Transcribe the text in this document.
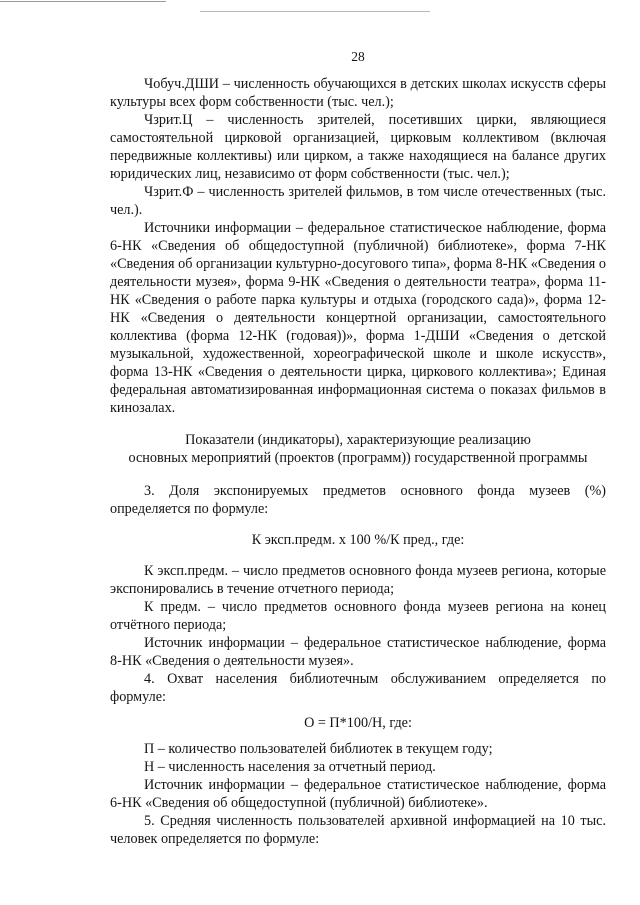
28

Чобуч.ДШИ – численность обучающихся в детских школах искусств сферы культуры всех форм собственности (тыс. чел.);

Чзрит.Ц – численность зрителей, посетивших цирки, являющиеся самостоятельной цирковой организацией, цирковым коллективом (включая передвижные коллективы) или цирком, а также находящиеся на балансе других юридических лиц, независимо от форм собственности (тыс. чел.);

Чзрит.Ф – численность зрителей фильмов, в том числе отечественных (тыс. чел.).

Источники информации – федеральное статистическое наблюдение, форма 6-НК «Сведения об общедоступной (публичной) библиотеке», форма 7-НК «Сведения об организации культурно-досугового типа», форма 8-НК «Сведения о деятельности музея», форма 9-НК «Сведения о деятельности театра», форма 11-НК «Сведения о работе парка культуры и отдыха (городского сада)», форма 12-НК «Сведения о деятельности концертной организации, самостоятельного коллектива (форма 12-НК (годовая))», форма 1-ДШИ «Сведения о детской музыкальной, художественной, хореографической школе и школе искусств», форма 13-НК «Сведения о деятельности цирка, циркового коллектива»; Единая федеральная автоматизированная информационная система о показах фильмов в кинозалах.

Показатели (индикаторы), характеризующие реализацию
основных мероприятий (проектов (программ)) государственной программы

3. Доля экспонируемых предметов основного фонда музеев (%) определяется по формуле:

К эксп.предм. х 100 %/К пред., где:

К эксп.предм. – число предметов основного фонда музеев региона, которые экспонировались в течение отчетного периода;

К предм. – число предметов основного фонда музеев региона на конец отчётного периода;

Источник информации – федеральное статистическое наблюдение, форма 8-НК «Сведения о деятельности музея».

4. Охват населения библиотечным обслуживанием определяется по формуле:

О = П*100/Н, где:

П – количество пользователей библиотек в текущем году;

Н – численность населения за отчетный период.

Источник информации – федеральное статистическое наблюдение, форма 6-НК «Сведения об общедоступной (публичной) библиотеке».

5. Средняя численность пользователей архивной информацией на 10 тыс. человек определяется по формуле:
